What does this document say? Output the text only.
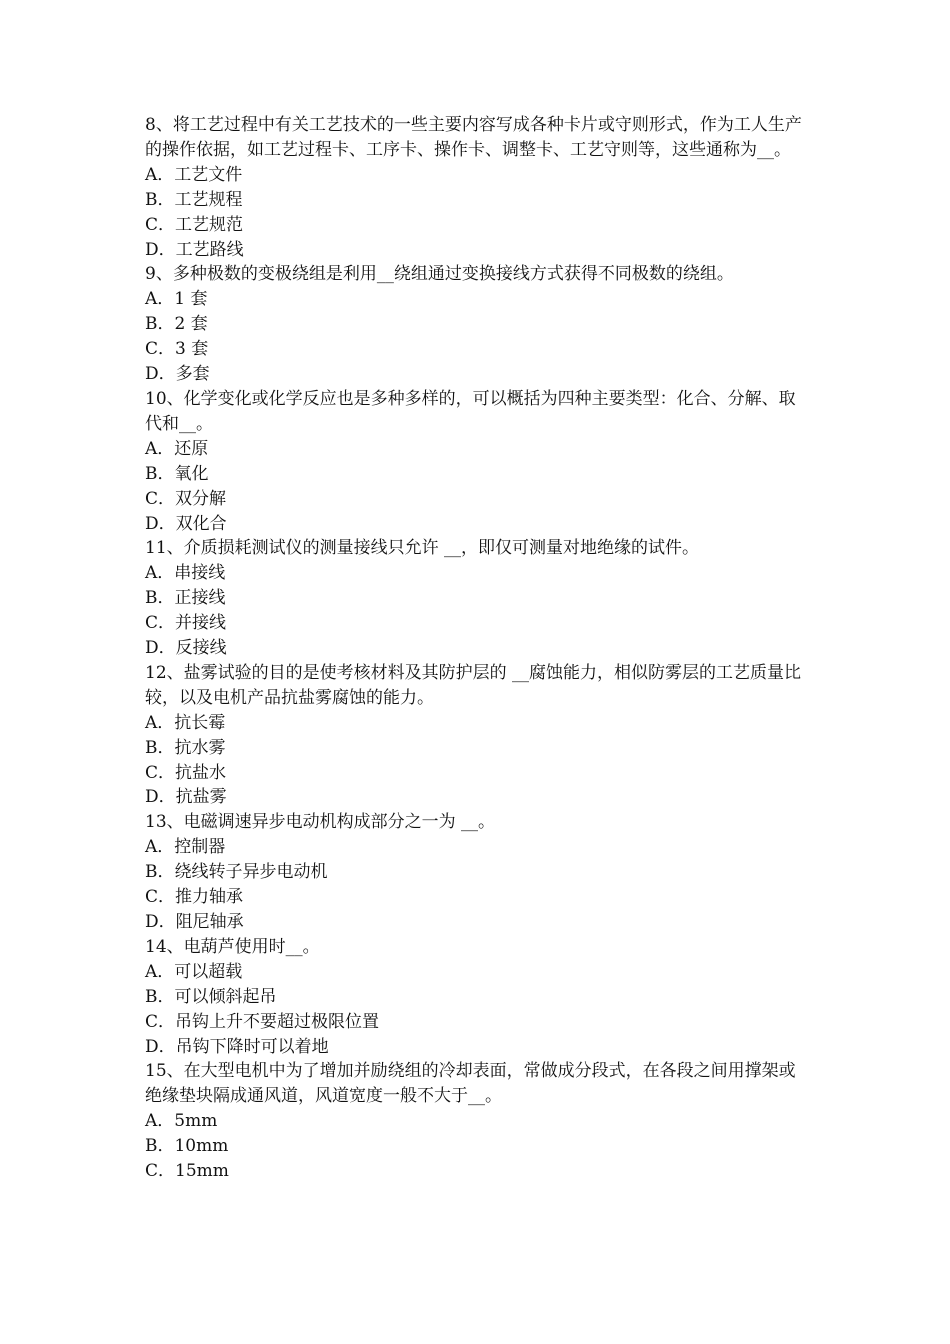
8、将工艺过程中有关工艺技术的一些主要内容写成各种卡片或守则形式，作为工人生产的操作依据，如工艺过程卡、工序卡、操作卡、调整卡、工艺守则等，这些通称为__。

A．工艺文件

B．工艺规程

C．工艺规范

D．工艺路线

9、多种极数的变极绕组是利用__绕组通过变换接线方式获得不同极数的绕组。

A．1 套

B．2 套

C．3 套

D．多套

10、化学变化或化学反应也是多种多样的，可以概括为四种主要类型：化合、分解、取代和__。

A．还原

B．氧化

C．双分解

D．双化合

11、介质损耗测试仪的测量接线只允许 __，即仅可测量对地绝缘的试件。

A．串接线

B．正接线

C．并接线

D．反接线

12、盐雾试验的目的是使考核材料及其防护层的 __腐蚀能力，相似防雾层的工艺质量比较，以及电机产品抗盐雾腐蚀的能力。

A．抗长霉

B．抗水雾

C．抗盐水

D．抗盐雾

13、电磁调速异步电动机构成部分之一为 __。

A．控制器

B．绕线转子异步电动机

C．推力轴承

D．阻尼轴承

14、电葫芦使用时__。

A．可以超载

B．可以倾斜起吊

C．吊钩上升不要超过极限位置

D．吊钩下降时可以着地

15、在大型电机中为了增加并励绕组的冷却表面，常做成分段式，在各段之间用撑架或绝缘垫块隔成通风道，风道宽度一般不大于__。

A．5mm

B．10mm

C．15mm
